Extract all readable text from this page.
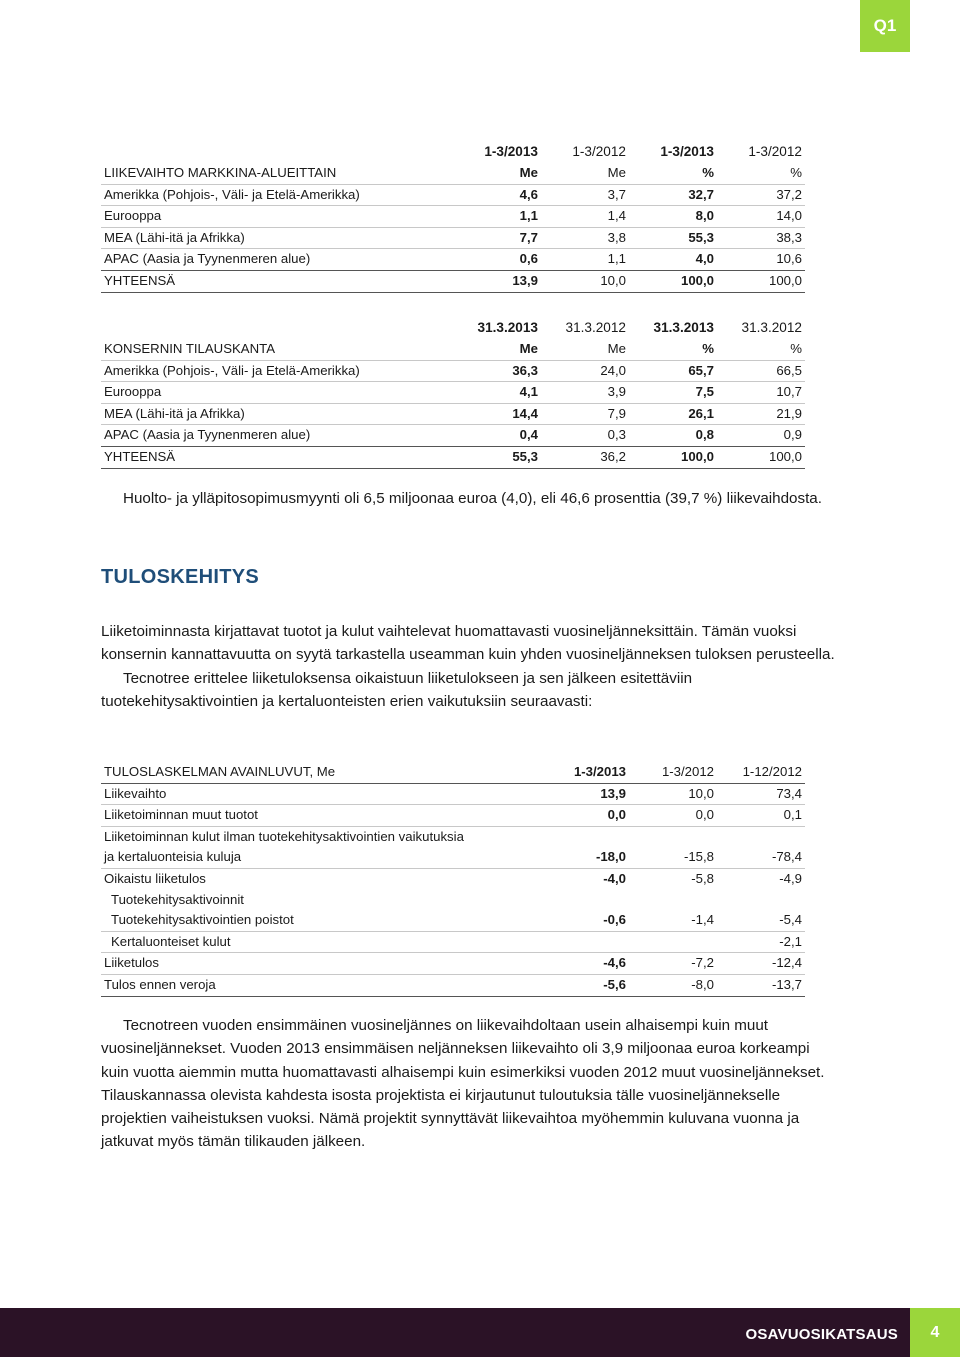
Q1
	1-3/2013	1-3/2012	1-3/2013	1-3/2012
LIIKEVAIHTO MARKKINA-ALUEITTAIN	Me	Me	%	%
Amerikka (Pohjois-, Väli- ja Etelä-Amerikka)	4,6	3,7	32,7	37,2
Eurooppa	1,1	1,4	8,0	14,0
MEA (Lähi-itä ja Afrikka)	7,7	3,8	55,3	38,3
APAC (Aasia ja Tyynenmeren alue)	0,6	1,1	4,0	10,6
YHTEENSÄ	13,9	10,0	100,0	100,0
	31.3.2013	31.3.2012	31.3.2013	31.3.2012
KONSERNIN TILAUSKANTA	Me	Me	%	%
Amerikka (Pohjois-, Väli- ja Etelä-Amerikka)	36,3	24,0	65,7	66,5
Eurooppa	4,1	3,9	7,5	10,7
MEA (Lähi-itä ja Afrikka)	14,4	7,9	26,1	21,9
APAC (Aasia ja Tyynenmeren alue)	0,4	0,3	0,8	0,9
YHTEENSÄ	55,3	36,2	100,0	100,0
Huolto- ja ylläpitosopimusmyynti oli 6,5 miljoonaa euroa (4,0), eli 46,6 prosenttia (39,7 %) liikevaihdosta.
TULOSKEHITYS
Liiketoiminnasta kirjattavat tuotot ja kulut vaihtelevat huomattavasti vuosineljänneksittäin. Tämän vuoksi konsernin kannattavuutta on syytä tarkastella useamman kuin yhden vuosineljänneksen tuloksen perusteella.
Tecnotree erittelee liiketuloksensa oikaistuun liiketulokseen ja sen jälkeen esitettäviin tuotekehitysaktivointien ja kertaluonteisten erien vaikutuksiin seuraavasti:
TULOSLASKELMAN AVAINLUVUT, Me	1-3/2013	1-3/2012	1-12/2012
Liikevaihto	13,9	10,0	73,4
Liiketoiminnan muut tuotot	0,0	0,0	0,1
Liiketoiminnan kulut ilman tuotekehitysaktivointien vaikutuksia			
ja kertaluonteisia kuluja	-18,0	-15,8	-78,4
Oikaistu liiketulos	-4,0	-5,8	-4,9
Tuotekehitysaktivoinnit			
Tuotekehitysaktivointien poistot	-0,6	-1,4	-5,4
Kertaluonteiset kulut			-2,1
Liiketulos	-4,6	-7,2	-12,4
Tulos ennen veroja	-5,6	-8,0	-13,7
Tecnotreen vuoden ensimmäinen vuosineljännes on liikevaihdoltaan usein alhaisempi kuin muut vuosineljännekset. Vuoden 2013 ensimmäisen neljänneksen liikevaihto oli 3,9 miljoonaa euroa korkeampi kuin vuotta aiemmin mutta huomattavasti alhaisempi kuin esimerkiksi vuoden 2012 muut vuosineljännekset. Tilauskannassa olevista kahdesta isosta projektista ei kirjautunut tuloutuksia tälle vuosineljännekselle projektien vaiheistuksen vuoksi. Nämä projektit synnyttävät liikevaihtoa myöhemmin kuluvana vuonna ja jatkuvat myös tämän tilikauden jälkeen.
OSAVUOSIKATSAUS	4
